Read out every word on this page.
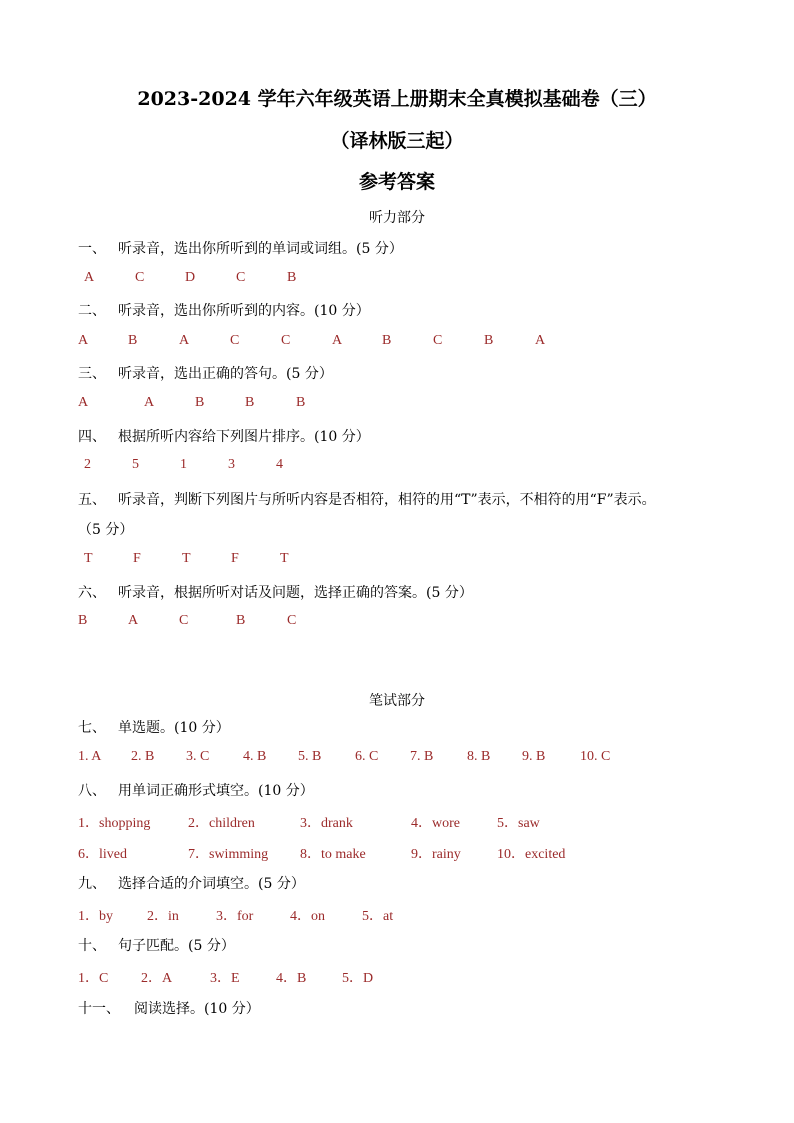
2023-2024 学年六年级英语上册期末全真模拟基础卷（三）
（译林版三起）
参考答案
听力部分
一、 听录音，选出你所听到的单词或词组。(5 分）
A	C	D	C	B
二、 听录音，选出你所听到的内容。(10 分）
A	B	A	C	C	A	B	C	B	A
三、 听录音，选出正确的答句。(5 分）
A	A	B	B	B
四、 根据所听内容给下列图片排序。(10 分）
2	5	1	3	4
五、 听录音，判断下列图片与所听内容是否相符，相符的用“T”表示，不相符的用“F”表示。
（5 分）
T	F	T	F	T
六、 听录音，根据所听对话及问题，选择正确的答案。(5 分）
B	A	C	B	C
笔试部分
七、 单选题。(10 分）
1. A 2. B 3. C 4. B 5. B 6. C 7. B 8. B 9. B 10. C
八、 用单词正确形式填空。(10 分）
1．shopping	2．children	3．drank	4．wore	5．saw
6．lived	7．swimming 8．to make	9．rainy	10．excited
九、 选择合适的介词填空。(5 分）
1．by 2．in	3．for	4．on	5．at
十、 句子匹配。(5 分）
1．C 2．A	3．E	4．B	5．D
十一、 阅读选择。(10 分）
